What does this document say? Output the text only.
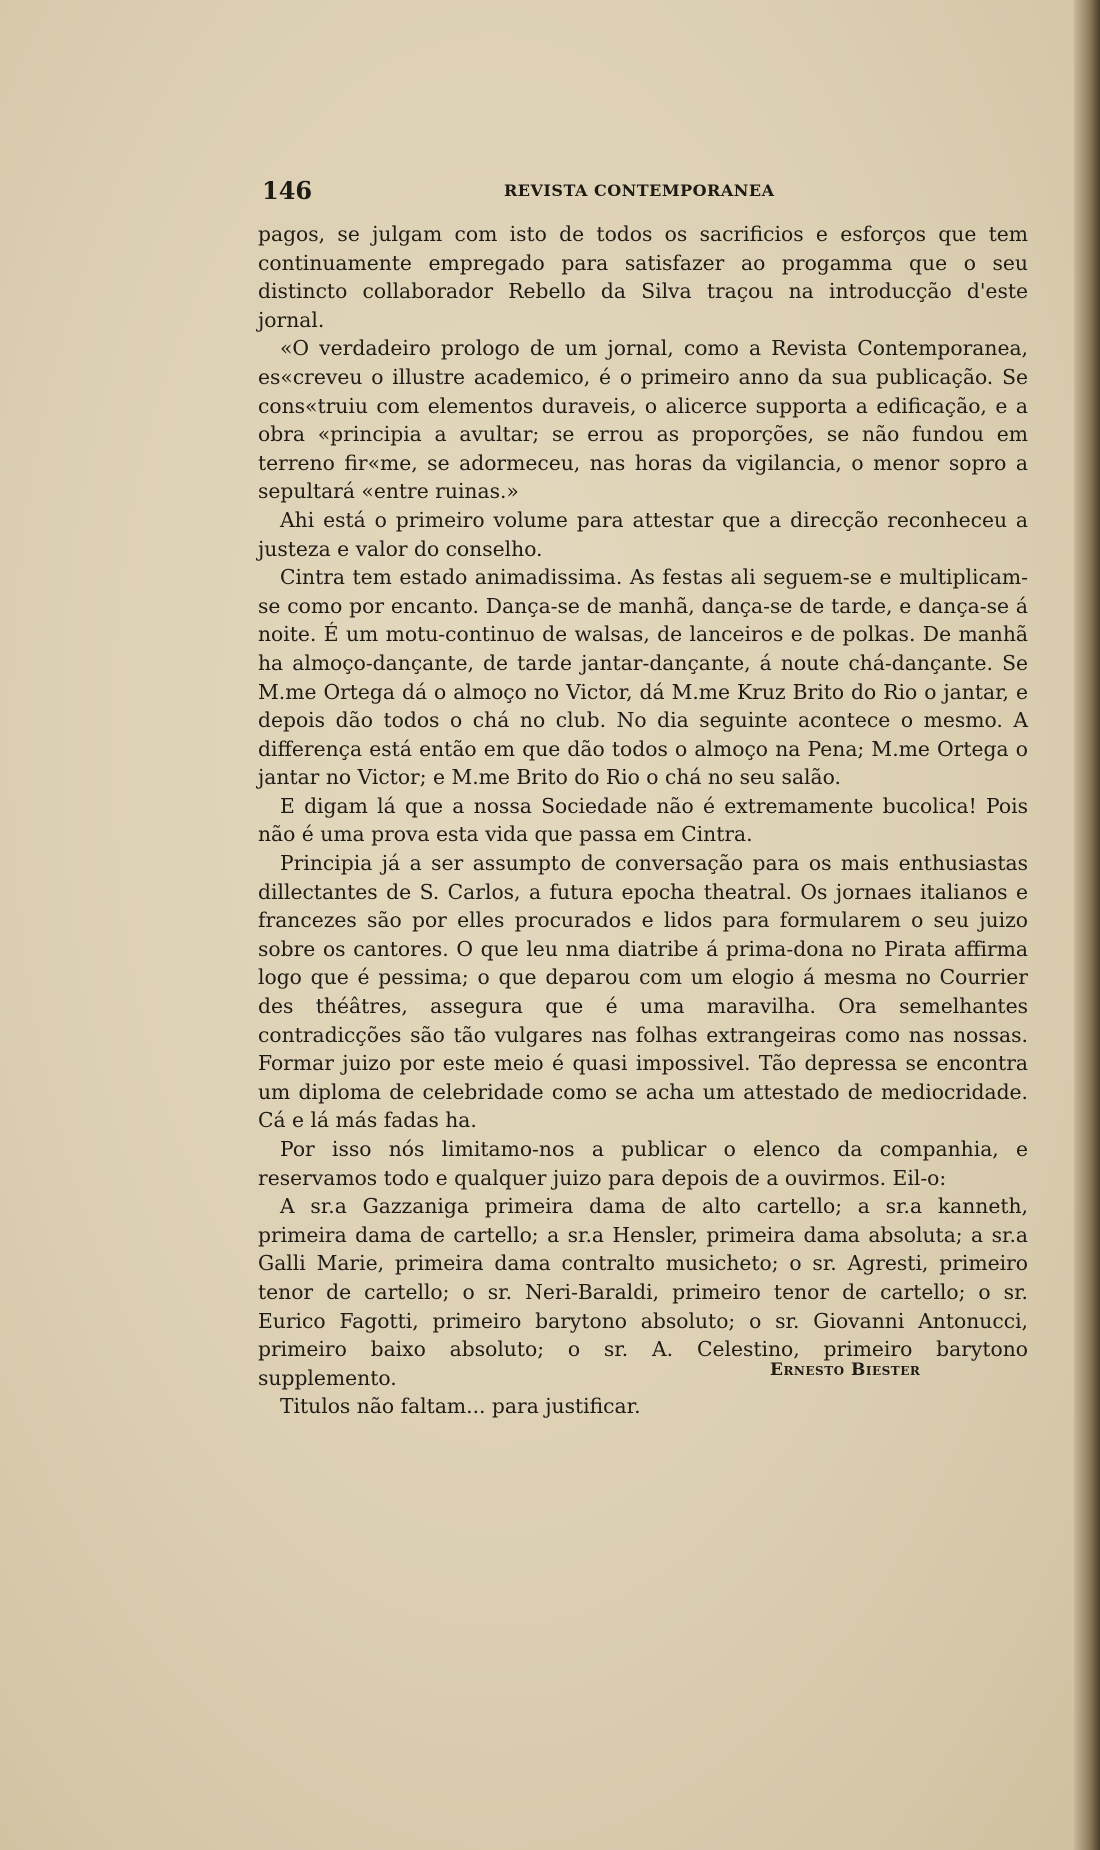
146	REVISTA CONTEMPORANEA

pagos, se julgam com isto de todos os sacrificios e esforços que tem continuamente empregado para satisfazer ao progamma que o seu distincto collaborador Rebello da Silva traçou na introducção d'este jornal.

«O verdadeiro prologo de um jornal, como a Revista Contemporanea, es«creveu o illustre academico, é o primeiro anno da sua publicação. Se cons«truiu com elementos duraveis, o alicerce supporta a edificação, e a obra «principia a avultar; se errou as proporções, se não fundou em terreno fir«me, se adormeceu, nas horas da vigilancia, o menor sopro a sepultará «entre ruinas.»

Ahi está o primeiro volume para attestar que a direcção reconheceu a justeza e valor do conselho.

Cintra tem estado animadissima. As festas ali seguem-se e multiplicam-se como por encanto. Dança-se de manhã, dança-se de tarde, e dança-se á noite. É um motu-continuo de walsas, de lanceiros e de polkas. De manhã ha almoço-dançante, de tarde jantar-dançante, á noute chá-dançante. Se M.me Ortega dá o almoço no Victor, dá M.me Kruz Brito do Rio o jantar, e depois dão todos o chá no club. No dia seguinte acontece o mesmo. A differença está então em que dão todos o almoço na Pena; M.me Ortega o jantar no Victor; e M.me Brito do Rio o chá no seu salão.

E digam lá que a nossa Sociedade não é extremamente bucolica! Pois não é uma prova esta vida que passa em Cintra.

Principia já a ser assumpto de conversação para os mais enthusiastas dillectantes de S. Carlos, a futura epocha theatral. Os jornaes italianos e francezes são por elles procurados e lidos para formularem o seu juizo sobre os cantores. O que leu nma diatribe á prima-dona no Pirata affirma logo que é pessima; o que deparou com um elogio á mesma no Courrier des théâtres, assegura que é uma maravilha. Ora semelhantes contradicções são tão vulgares nas folhas extrangeiras como nas nossas. Formar juizo por este meio é quasi impossivel. Tão depressa se encontra um diploma de celebridade como se acha um attestado de mediocridade. Cá e lá más fadas ha.

Por isso nós limitamo-nos a publicar o elenco da companhia, e reservamos todo e qualquer juizo para depois de a ouvirmos. Eil-o:

A sr.a Gazzaniga primeira dama de alto cartello; a sr.a kanneth, primeira dama de cartello; a sr.a Hensler, primeira dama absoluta; a sr.a Galli Marie, primeira dama contralto musicheto; o sr. Agresti, primeiro tenor de cartello; o sr. Neri-Baraldi, primeiro tenor de cartello; o sr. Eurico Fagotti, primeiro barytono absoluto; o sr. Giovanni Antonucci, primeiro baixo absoluto; o sr. A. Celestino, primeiro barytono supplemento.

Titulos não faltam... para justificar.

Ernesto Biester
